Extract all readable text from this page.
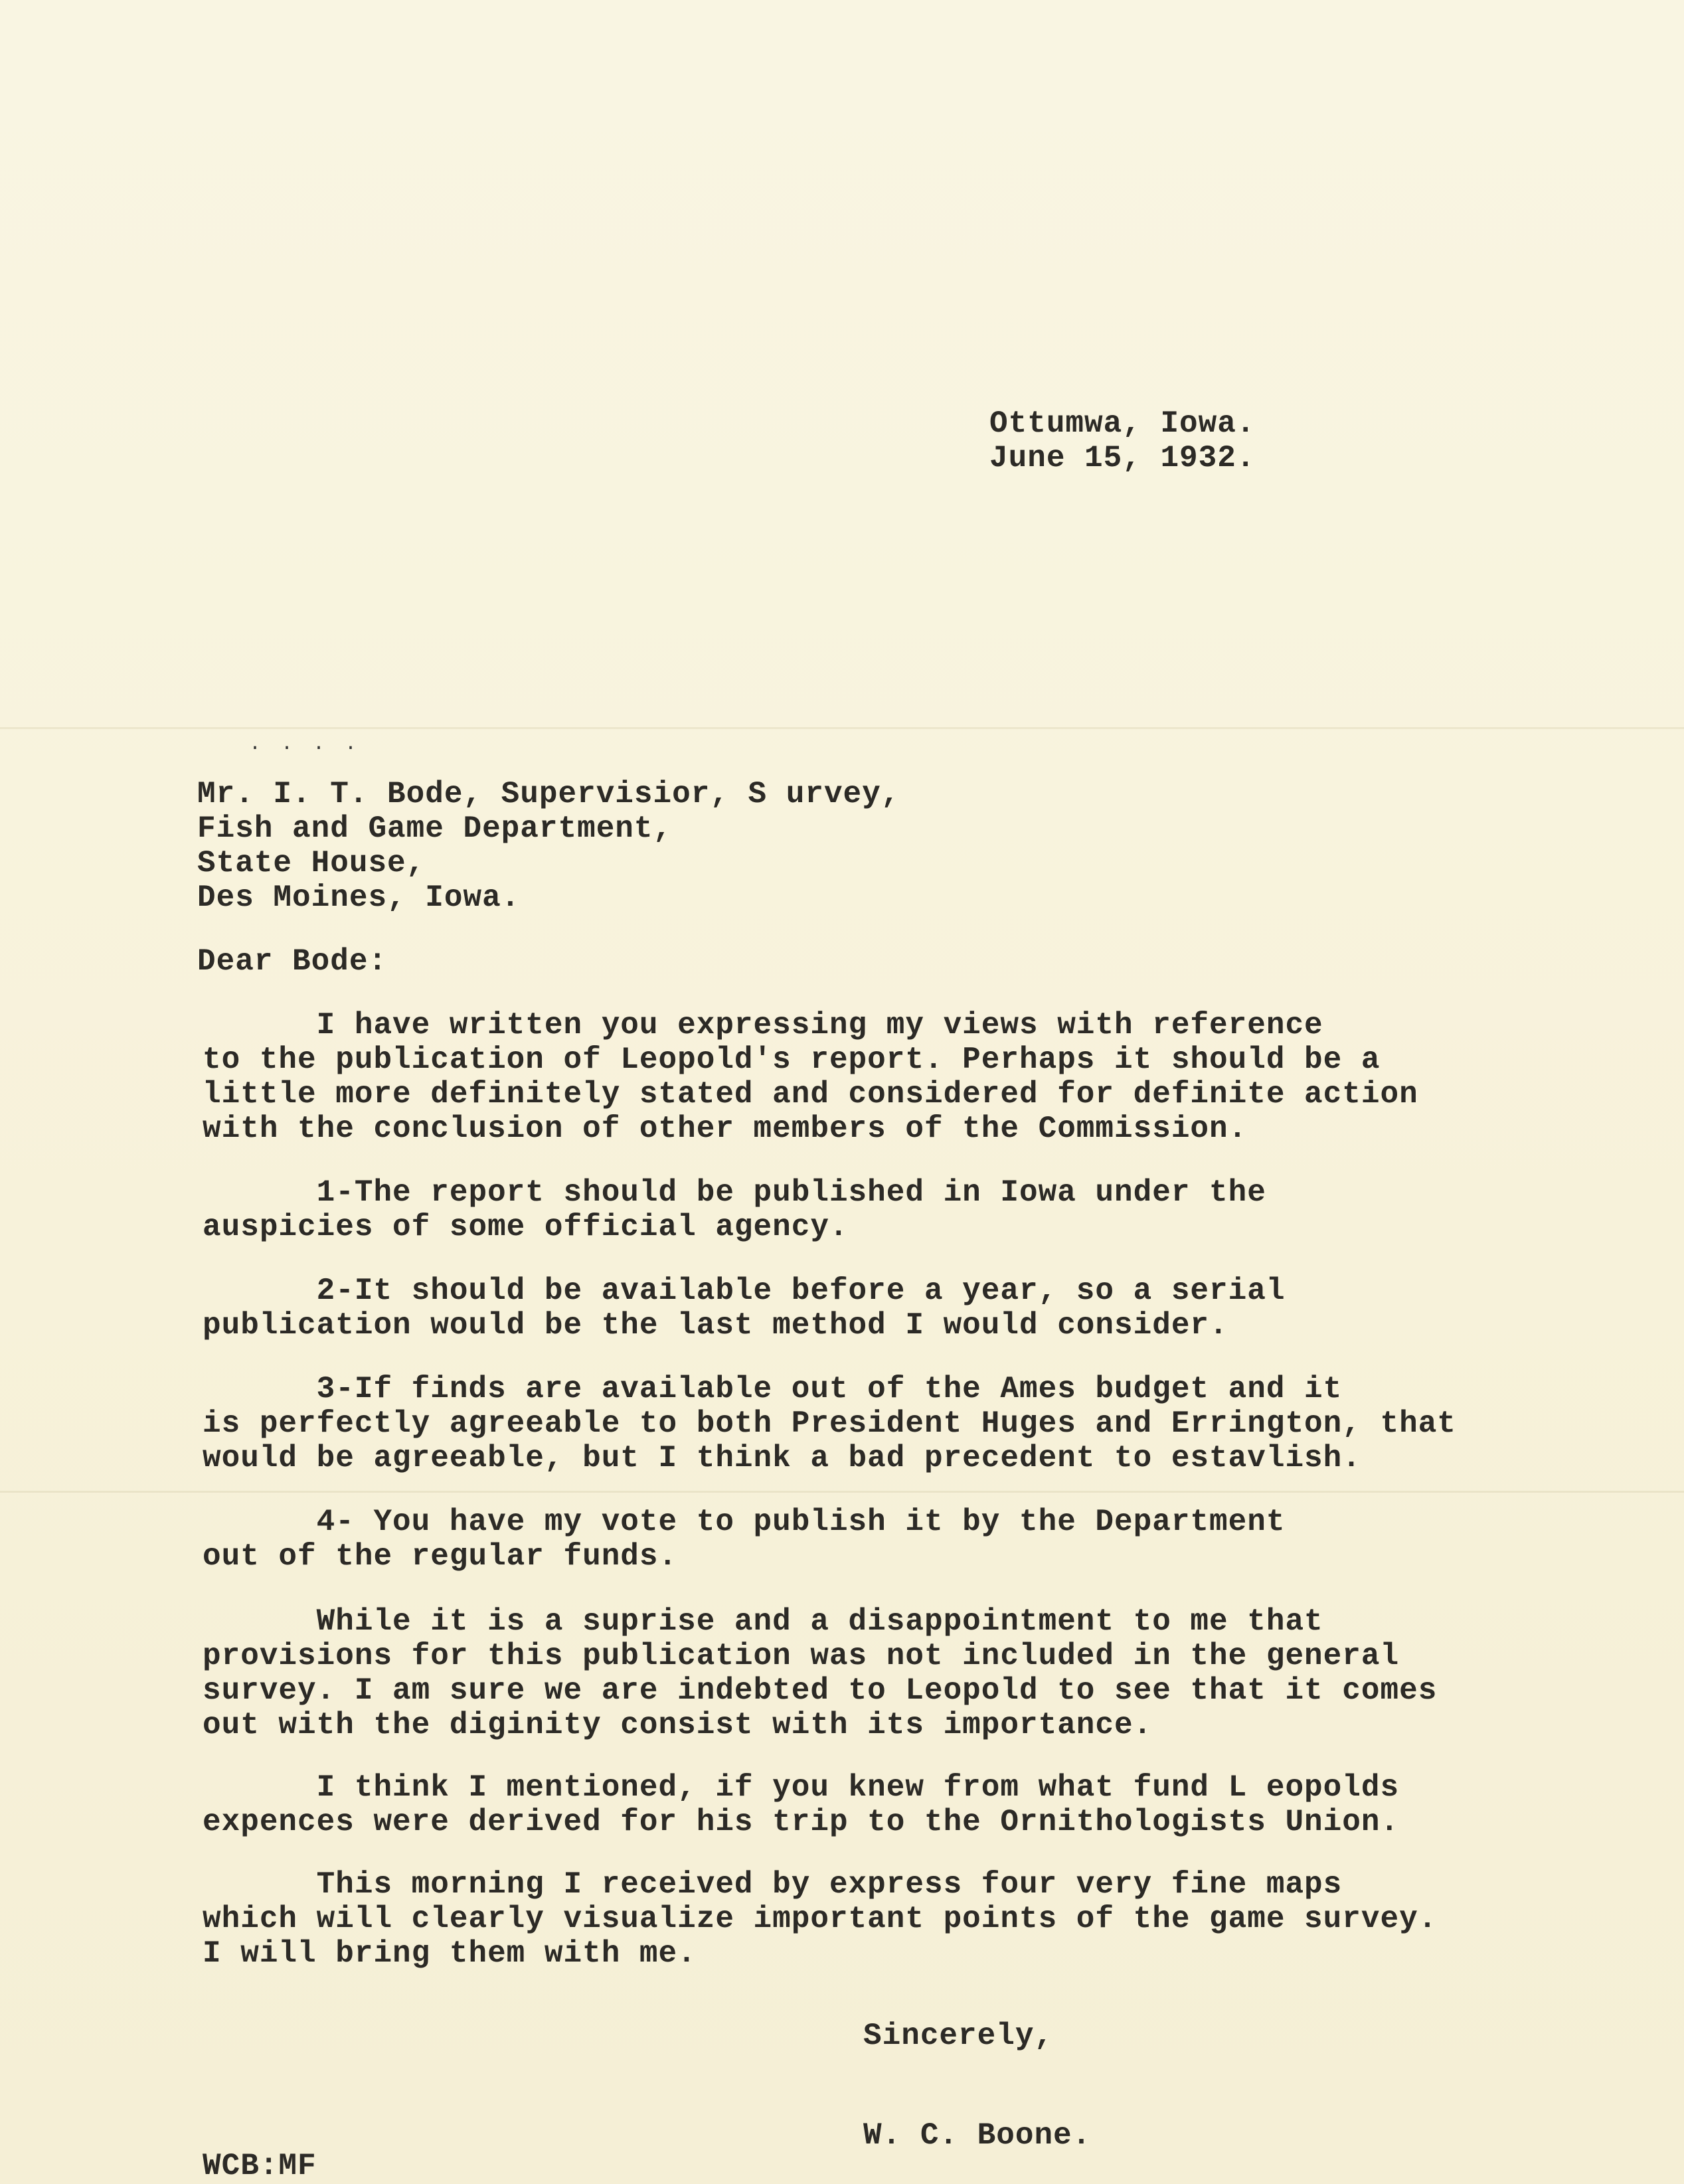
Ottumwa, Iowa.
June 15, 1932.
····
Mr. I. T. Bode, Supervisior, S urvey,
Fish and Game Department,
State House,
Des Moines, Iowa.
Dear Bode:
I have written you expressing my views with reference
to the publication of Leopold's report. Perhaps it should be a
little more definitely stated and considered for definite action
with the conclusion of other members of the Commission.
1-The report should be published in Iowa under the
auspicies of some official agency.
2-It should be available before a year, so a serial
publication would be the last method I would consider.
3-If finds are available out of the Ames budget and it
is perfectly agreeable to both President Huges and Errington, that
would be agreeable, but I think a bad precedent to estavlish.
4- You have my vote to publish it by the Department
out of the regular funds.
While it is a suprise and a disappointment to me that
provisions for this publication was not included in the general
survey. I am sure we are indebted to Leopold to see that it comes
out with the diginity consist with its importance.
I think I mentioned, if you knew from what fund L eopolds
expences were derived for his trip to the Ornithologists Union.
This morning I received by express four very fine maps
which will clearly visualize important points of the game survey.
I will bring them with me.
Sincerely,
W. C. Boone.
WCB:MF
